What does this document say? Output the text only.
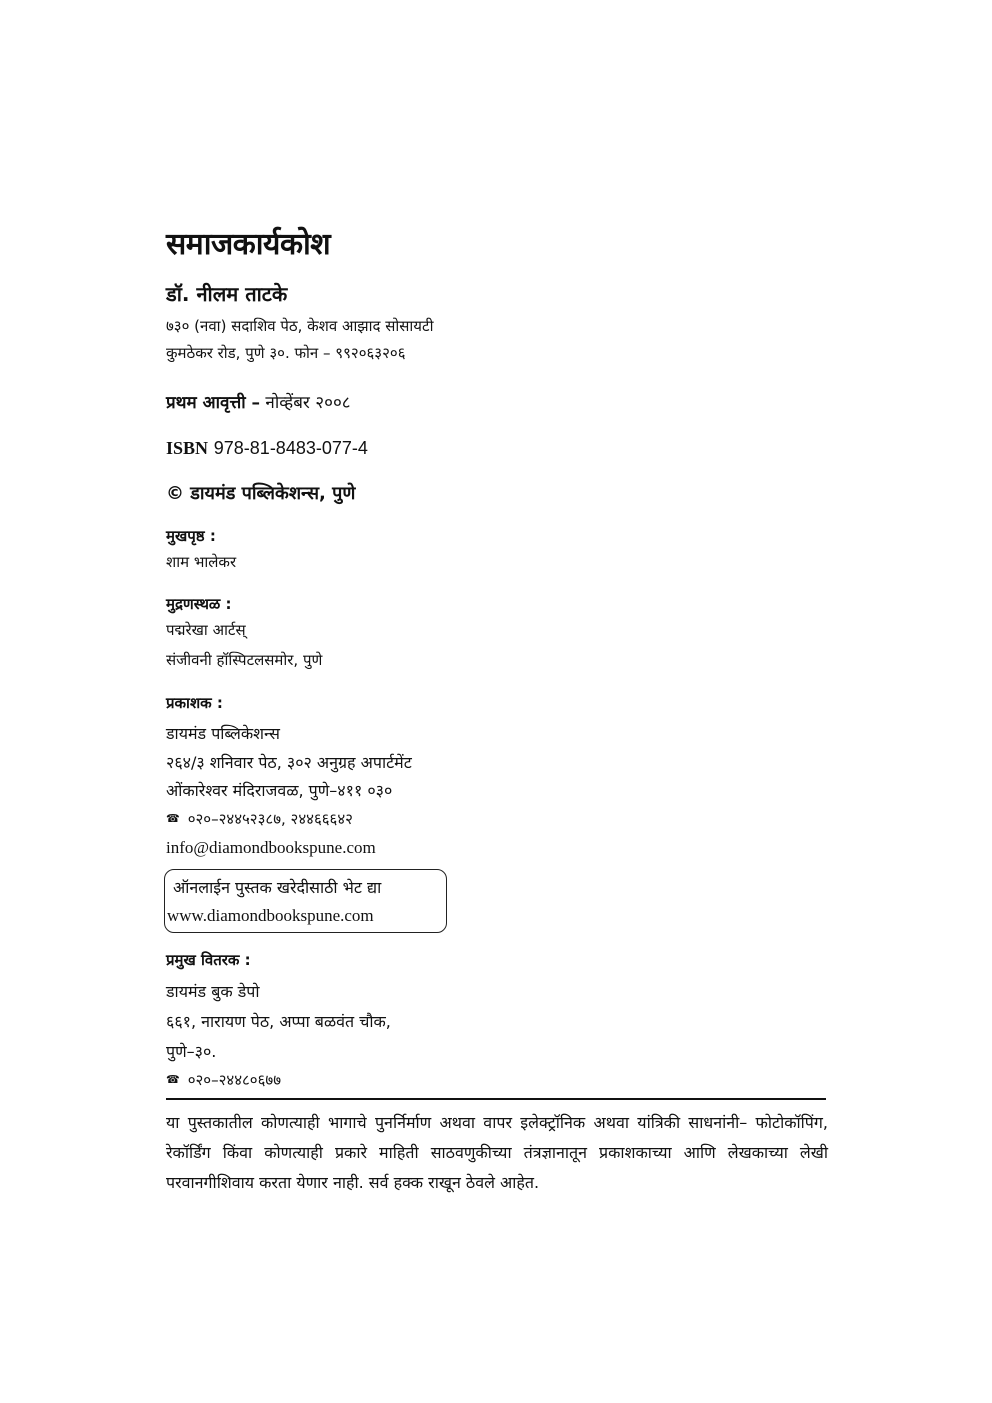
समाजकार्यकोश
डॉ. नीलम ताटके
७३० (नवा) सदाशिव पेठ, केशव आझाद सोसायटी
कुमठेकर रोड, पुणे ३०. फोन – ९९२०६३२०६
प्रथम आवृत्ती – नोव्हेंबर २००८
ISBN 978-81-8483-077-4
© डायमंड पब्लिकेशन्स, पुणे
मुखपृष्ठ :
शाम भालेकर
मुद्रणस्थळ :
पद्मरेखा आर्टस्
संजीवनी हॉस्पिटलसमोर, पुणे
प्रकाशक :
डायमंड पब्लिकेशन्स
२६४/३ शनिवार पेठ, ३०२ अनुग्रह अपार्टमेंट
ओंकारेश्वर मंदिराजवळ, पुणे–४११ ०३०
☎ ०२०–२४४५२३८७, २४४६६६४२
info@diamondbookspune.com
ऑनलाईन पुस्तक खरेदीसाठी भेट द्या
www.diamondbookspune.com
प्रमुख वितरक :
डायमंड बुक डेपो
६६१, नारायण पेठ, अप्पा बळवंत चौक,
पुणे–३०.
☎ ०२०–२४४८०६७७
या पुस्तकातील कोणत्याही भागाचे पुनर्निर्माण अथवा वापर इलेक्ट्रॉनिक अथवा यांत्रिकी साधनांनी– फोटोकॉपिंग, रेकॉर्डिंग किंवा कोणत्याही प्रकारे माहिती साठवणुकीच्या तंत्रज्ञानातून प्रकाशकाच्या आणि लेखकाच्या लेखी परवानगीशिवाय करता येणार नाही. सर्व हक्क राखून ठेवले आहेत.
